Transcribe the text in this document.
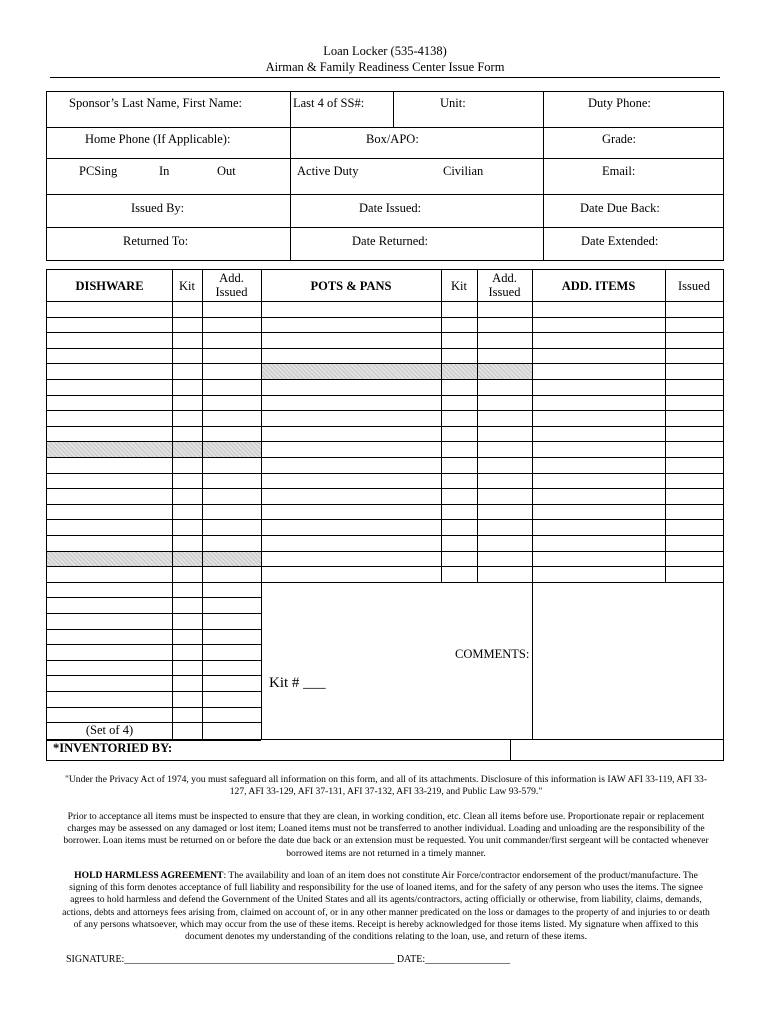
Loan Locker (535-4138)
Airman & Family Readiness Center Issue Form
Sponsor’s Last Name, First Name:	Last 4 of SS#:	Unit:	Duty Phone:
Home Phone (If Applicable):	Box/APO:	Grade:
PCSing	In	Out	Active Duty	Civilian	Email:
Issued By:	Date Issued:	Date Due Back:
Returned To:	Date Returned:	Date Extended:
DISHWARE	Kit
Add.
Issued	POTS & PANS	Kit
Add.
Issued	ADD. ITEMS	Issued
COMMENTS:
Kit # ___
*INVENTORIED BY:
(Set of 4)
"Under the Privacy Act of 1974, you must safeguard all information on this form, and all of its attachments. Disclosure of this information is IAW AFI 33-119, AFI 33-127, AFI 33-129, AFI 37-131, AFI 37-132, AFI 33-219, and Public Law 93-579."
Prior to acceptance all items must be inspected to ensure that they are clean, in working condition, etc. Clean all items before use. Proportionate repair or replacement charges may be assessed on any damaged or lost item; Loaned items must not be transferred to another individual. Loading and unloading are the responsibility of the borrower. Loan items must be returned on or before the date due back or an extension must be requested. You unit commander/first sergeant will be contacted whenever borrowed items are not returned in a timely manner.
HOLD HARMLESS AGREEMENT: The availability and loan of an item does not constitute Air Force/contractor endorsement of the product/manufacture. The signing of this form denotes acceptance of full liability and responsibility for the use of loaned items, and for the safety of any person who uses the items. The signee agrees to hold harmless and defend the Government of the United States and all its agents/contractors, acting officially or otherwise, from liability, claims, demands, actions, debts and attorneys fees arising from, claimed on account of, or in any other manner predicated on the loss or damages to the property of and injuries to or death of any persons whatsoever, which may occur from the use of these items. Receipt is hereby acknowledged for those items listed. My signature when affixed to this document denotes my understanding of the conditions relating to the loan, use, and return of these items.
SIGNATURE:______________________________________________________ DATE:_________________
